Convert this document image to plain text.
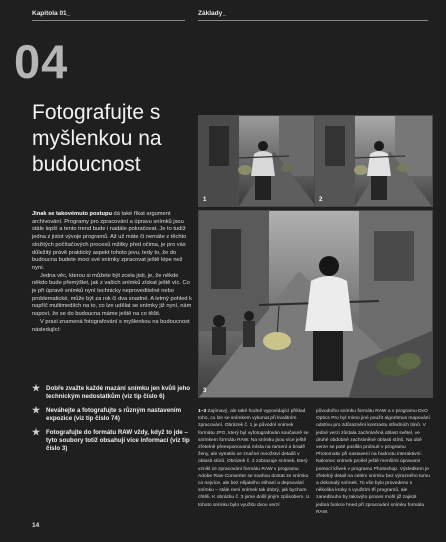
Kapitola 01_	Základy_
04
Fotografujte s myšlenkou na budoucnost

Jinak se takovémuto postupu dá také říkat argument archivování. Programy pro zpracování a úpravu snímků jsou stále lepší a tento trend bude i nadále pokračovat. Je to tudíž jedna z jistot vývoje programů. Až už máte či nemáte z těchto složitých počítačových procesů mžitky před očima, je pro vás důležitý právě praktický aspekt tohoto jevu, tedy to, že do budoucna budete moci své snímky zpracovat ještě lépe než nyní.

Jedna věc, kterou si můžete být zcela jisti, je, že někde někdo bude přemýšlet, jak z vašich snímků získat ještě víc. Co je při úpravě snímků nyní technicky neproveditelné nebo problematické, může být za rok či dva snadné. A letmý pohled k napříč multimediích na to, co lze udělat se snímky již nyní, nám napoví, že se do budoucna máme ještě na co těšit.

V praxi znamená fotografování s myšlenkou na budoucnost následující:

★ Dobře zvažte každé mazání snímku jen kvůli jeho technickým nedostatkům (viz tip číslo 6)
★ Neváhejte a fotografujte s různým nastavením expozice (viz tip číslo 74)
★ Fotografujte do formátu RAW vždy, když to jde – tyto soubory totiž obsahují více informací (viz tip číslo 3)
14
1	2
3
1–3 Zajímavý, ale také hodně vypovídající příklad toho, co lze se snímkem vykonat při kvalitním zpracování. Obrázek č. 1 je původní snímek formátu JPG, který byl vyfotografován současně se snímkem formátu RAW. Na snímku jsou vice ještě zřetelně přeexponovaná místa na ramení a bradě ženy, ale vytratilo se značné množství detailů v oblasti stínů. Obrázek č. 2 zobrazuje snímek, který vznikl ze zpracování formátu RAW v programu Adobe Raw Converter se snahou dostat ze snímku co nejvíce, ale bez nějakého stíhaní a depsování snímku – stále není snímek tak dobrý, jak bychom chtěli. K obrázku č. 3 jsme došli jiným způsobem. U tohoto snímku bylo využito dvou verzí
původního snímku formátu RAW a v programu DxO Optics Pro byl mimo jiné použit algoritmus mapování odstínu pro zdůraznění kontrastu středních tónů. V jedné verzi zůstala zachráněná oblast světel, ve druhé obdobné zachráněné oblasti stínů. Na obě verze se poté posílilo prolnutí v programu Photomatix při nastavení na hodnotu interaktivní. Nakonec snímek prošel ještě menšími úpravami pomocí křivek v programu Photoshop. Výsledkem je zřetelný detail na celém snímku bez výrazného tumu a dokonalý snímek. To vše bylo provedeno s několika kroky s využitím tří programů, ale zanedlouho by takovýto proces mohl již zajistit jediná funkce hned při zpracování snímku formátu RAW.
